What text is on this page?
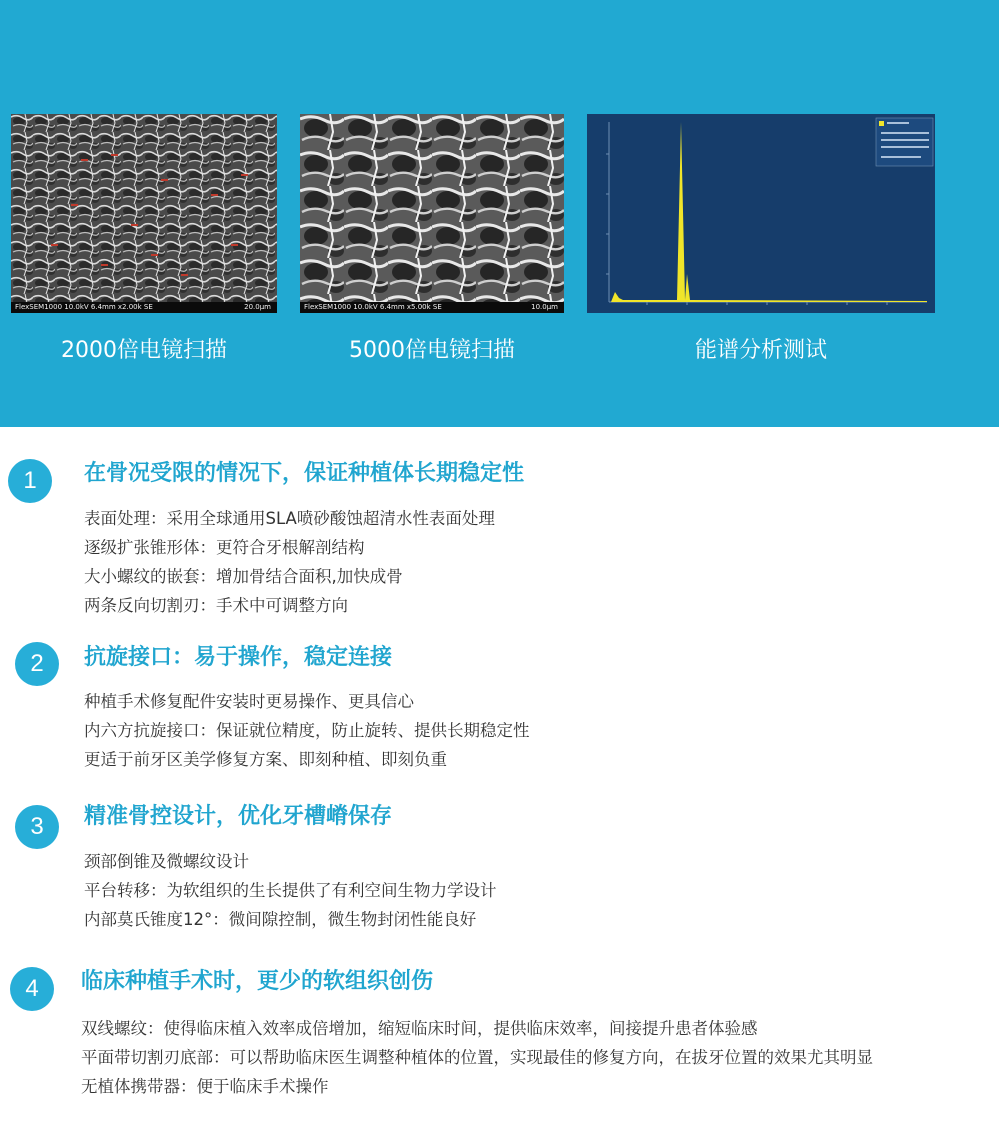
FlexSEM1000 10.0kV 6.4mm x2.00k SE	20.0μm	FlexSEM1000 10.0kV 6.4mm x5.00k SE	10.0μm
2000倍电镜扫描	5000倍电镜扫描	能谱分析测试
1	在骨况受限的情况下，保证种植体长期稳定性
表面处理：采用全球通用SLA喷砂酸蚀超清水性表面处理
逐级扩张锥形体：更符合牙根解剖结构
大小螺纹的嵌套：增加骨结合面积,加快成骨
两条反向切割刃：手术中可调整方向
2	抗旋接口：易于操作，稳定连接
种植手术修复配件安装时更易操作、更具信心
内六方抗旋接口：保证就位精度，防止旋转、提供长期稳定性
更适于前牙区美学修复方案、即刻种植、即刻负重
3	精准骨控设计，优化牙槽嵴保存
颈部倒锥及微螺纹设计
平台转移：为软组织的生长提供了有利空间生物力学设计
内部莫氏锥度12°：微间隙控制，微生物封闭性能良好
4	临床种植手术时，更少的软组织创伤
双线螺纹：使得临床植入效率成倍增加，缩短临床时间，提供临床效率，间接提升患者体验感
平面带切割刃底部：可以帮助临床医生调整种植体的位置，实现最佳的修复方向，在拔牙位置的效果尤其明显
无植体携带器：便于临床手术操作
